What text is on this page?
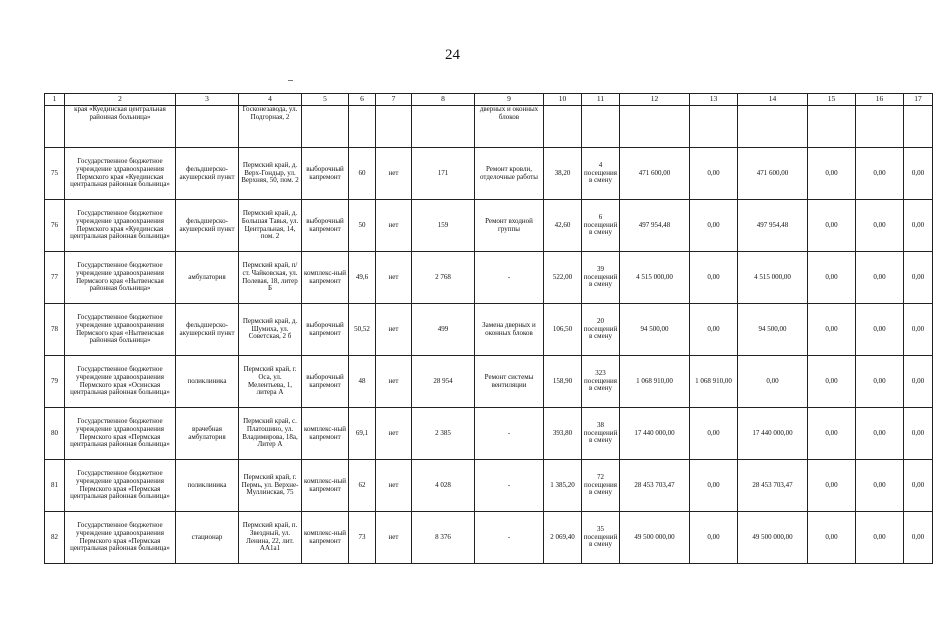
24
1	2	3	4	5	6	7	8	9	10	11	12	13	14	15	16	17
	края «Куединская центральная районная больница»		Госконезавода, ул. Подгорная, 2					дверных и оконных блоков								
75	Государственное бюджетное учреждение здравоохранения Пермского края «Куединская центральная районная больница»	фельдшерско-акушерский пункт	Пермский край, д. Верх-Гондыр, ул. Верхняя, 50, пом. 2	выборочный капремонт	60	нет	171	Ремонт кровли, отделочные работы	38,20	4 посещения в смену	471 600,00	0,00	471 600,00	0,00	0,00	0,00
76	Государственное бюджетное учреждение здравоохранения Пермского края «Куединская центральная районная больница»	фельдшерско-акушерский пункт	Пермский край, д. Большая Тавья, ул. Центральная, 14, пом. 2	выборочный капремонт	50	нет	159	Ремонт входной группы	42,60	6 посещений в смену	497 954,48	0,00	497 954,48	0,00	0,00	0,00
77	Государственное бюджетное учреждение здравоохранения Пермского края «Нытвенская районная больница»	амбулатория	Пермский край, п/ст. Чайковская, ул. Полевая, 18, литер Б	комплекс-ный капремонт	49,6	нет	2 768	-	522,00	39 посещений в смену	4 515 000,00	0,00	4 515 000,00	0,00	0,00	0,00
78	Государственное бюджетное учреждение здравоохранения Пермского края «Нытвенская районная больница»	фельдшерско-акушерский пункт	Пермский край, д. Шумиха, ул. Советская, 2 б	выборочный капремонт	50,52	нет	499	Замена дверных и оконных блоков	106,50	20 посещений в смену	94 500,00	0,00	94 500,00	0,00	0,00	0,00
79	Государственное бюджетное учреждение здравоохранения Пермского края «Осинская центральная районная больница»	поликлиника	Пермский край, г. Оса, ул. Мелентьева, 1, литера А	выборочный капремонт	48	нет	28 954	Ремонт системы вентиляции	158,90	323 посещения в смену	1 068 910,00	1 068 910,00	0,00	0,00	0,00	0,00
80	Государственное бюджетное учреждение здравоохранения Пермского края «Пермская центральная районная больница»	врачебная амбулатория	Пермский край, с. Платошино, ул. Владимирова, 18а, Литер А	комплекс-ный капремонт	69,1	нет	2 385	-	393,80	38 посещений в смену	17 440 000,00	0,00	17 440 000,00	0,00	0,00	0,00
81	Государственное бюджетное учреждение здравоохранения Пермского края «Пермская центральная районная больница»	поликлиника	Пермский край, г. Пермь, ул. Верхне-Муллинская, 75	комплекс-ный капремонт	62	нет	4 028	-	1 385,20	72 посещения в смену	28 453 703,47	0,00	28 453 703,47	0,00	0,00	0,00
82	Государственное бюджетное учреждение здравоохранения Пермского края «Пермская центральная районная больница»	стационар	Пермский край, п. Звездный, ул. Ленина, 22, лит. АА1а1	комплекс-ный капремонт	73	нет	8 376	-	2 069,40	35 посещений в смену	49 500 000,00	0,00	49 500 000,00	0,00	0,00	0,00
